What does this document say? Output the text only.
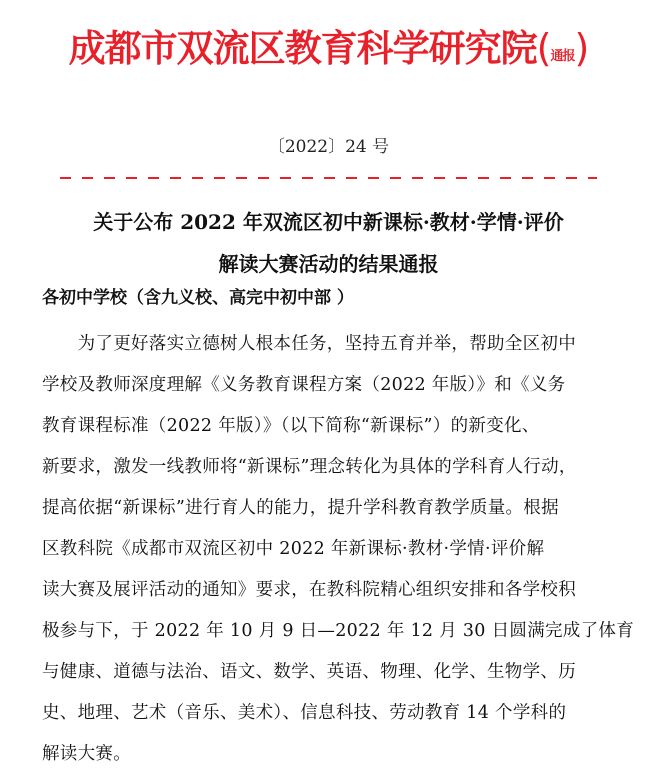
成都市双流区教育科学研究院(通报)
〔2022〕24 号
关于公布 2022 年双流区初中新课标·教材·学情·评价
解读大赛活动的结果通报
各初中学校（含九义校、高完中初中部 ）
　　为了更好落实立德树人根本任务，坚持五育并举，帮助全区初中
学校及教师深度理解《义务教育课程方案（2022 年版）》和《义务
教育课程标准（2022 年版）》（以下简称“新课标”）的新变化、
新要求，激发一线教师将“新课标”理念转化为具体的学科育人行动，
提高依据“新课标”进行育人的能力，提升学科教育教学质量。根据
区教科院《成都市双流区初中 2022 年新课标·教材·学情·评价解
读大赛及展评活动的通知》要求，在教科院精心组织安排和各学校积
极参与下，于 2022 年 10 月 9 日—2022 年 12 月 30 日圆满完成了体育
与健康、道德与法治、语文、数学、英语、物理、化学、生物学、历
史、地理、艺术（音乐、美术）、信息科技、劳动教育 14 个学科的
解读大赛。
